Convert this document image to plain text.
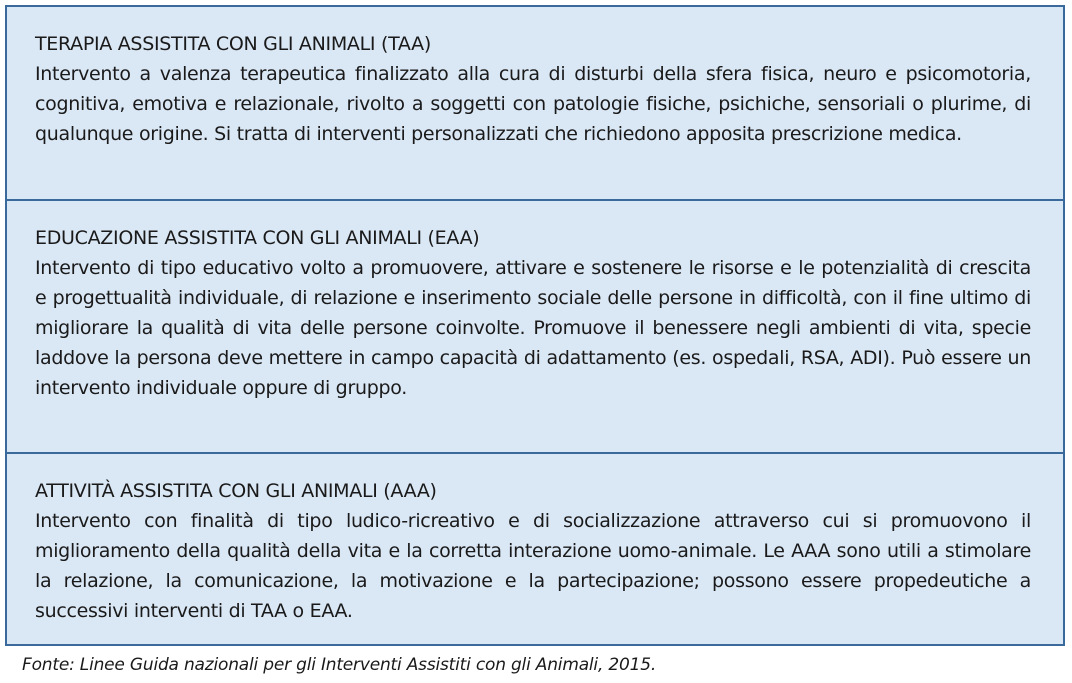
TERAPIA ASSISTITA CON GLI ANIMALI (TAA)
Intervento a valenza terapeutica finalizzato alla cura di disturbi della sfera fisica, neuro e psicomotoria, cognitiva, emotiva e relazionale, rivolto a soggetti con patologie fisiche, psichiche, sensoriali o plurime, di qualunque origine. Si tratta di interventi personalizzati che richiedono apposita prescrizione medica.
EDUCAZIONE ASSISTITA CON GLI ANIMALI (EAA)
Intervento di tipo educativo volto a promuovere, attivare e sostenere le risorse e le potenzialità di crescita e progettualità individuale, di relazione e inserimento sociale delle persone in difficoltà, con il fine ultimo di migliorare la qualità di vita delle persone coinvolte. Promuove il benessere negli ambienti di vita, specie laddove la persona deve mettere in campo capacità di adattamento (es. ospedali, RSA, ADI). Può essere un intervento individuale oppure di gruppo.
ATTIVITÀ ASSISTITA CON GLI ANIMALI (AAA)
Intervento con finalità di tipo ludico-ricreativo e di socializzazione attraverso cui si promuovono il miglioramento della qualità della vita e la corretta interazione uomo-animale. Le AAA sono utili a stimolare la relazione, la comunicazione, la motivazione e la partecipazione; possono essere propedeutiche a successivi interventi di TAA o EAA.
Fonte: Linee Guida nazionali per gli Interventi Assistiti con gli Animali, 2015.
